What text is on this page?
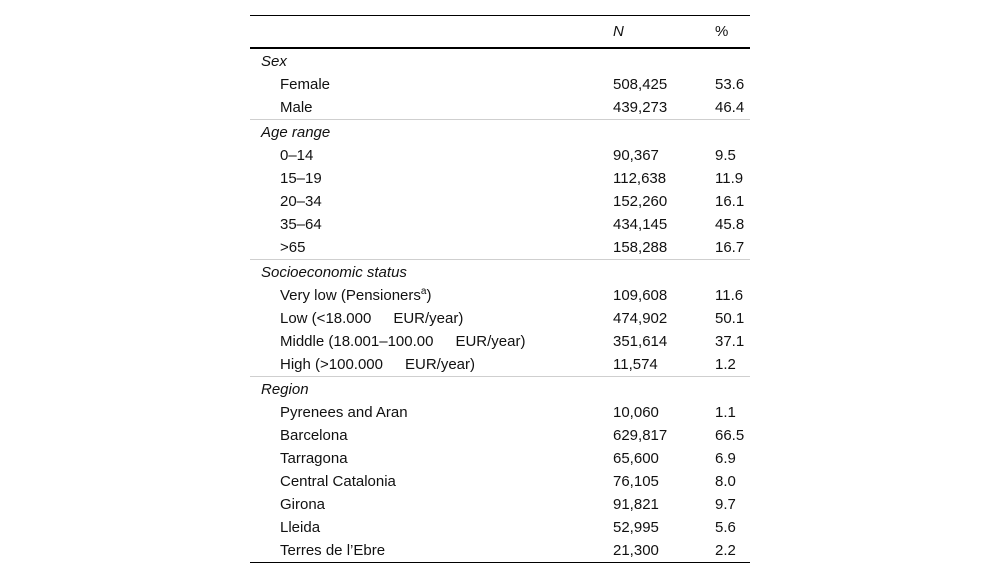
	N	%
Sex		
Female	508,425	53.6
Male	439,273	46.4
Age range		
0–14	90,367	9.5
15–19	112,638	11.9
20–34	152,260	16.1
35–64	434,145	45.8
>65	158,288	16.7
Socioeconomic status		
Very low (Pensioners$^a$)	109,608	11.6
Low (<18.000 EUR/year)	474,902	50.1
Middle (18.001–100.00 EUR/year)	351,614	37.1
High (>100.000 EUR/year)	11,574	1.2
Region		
Pyrenees and Aran	10,060	1.1
Barcelona	629,817	66.5
Tarragona	65,600	6.9
Central Catalonia	76,105	8.0
Girona	91,821	9.7
Lleida	52,995	5.6
Terres de l’Ebre	21,300	2.2
